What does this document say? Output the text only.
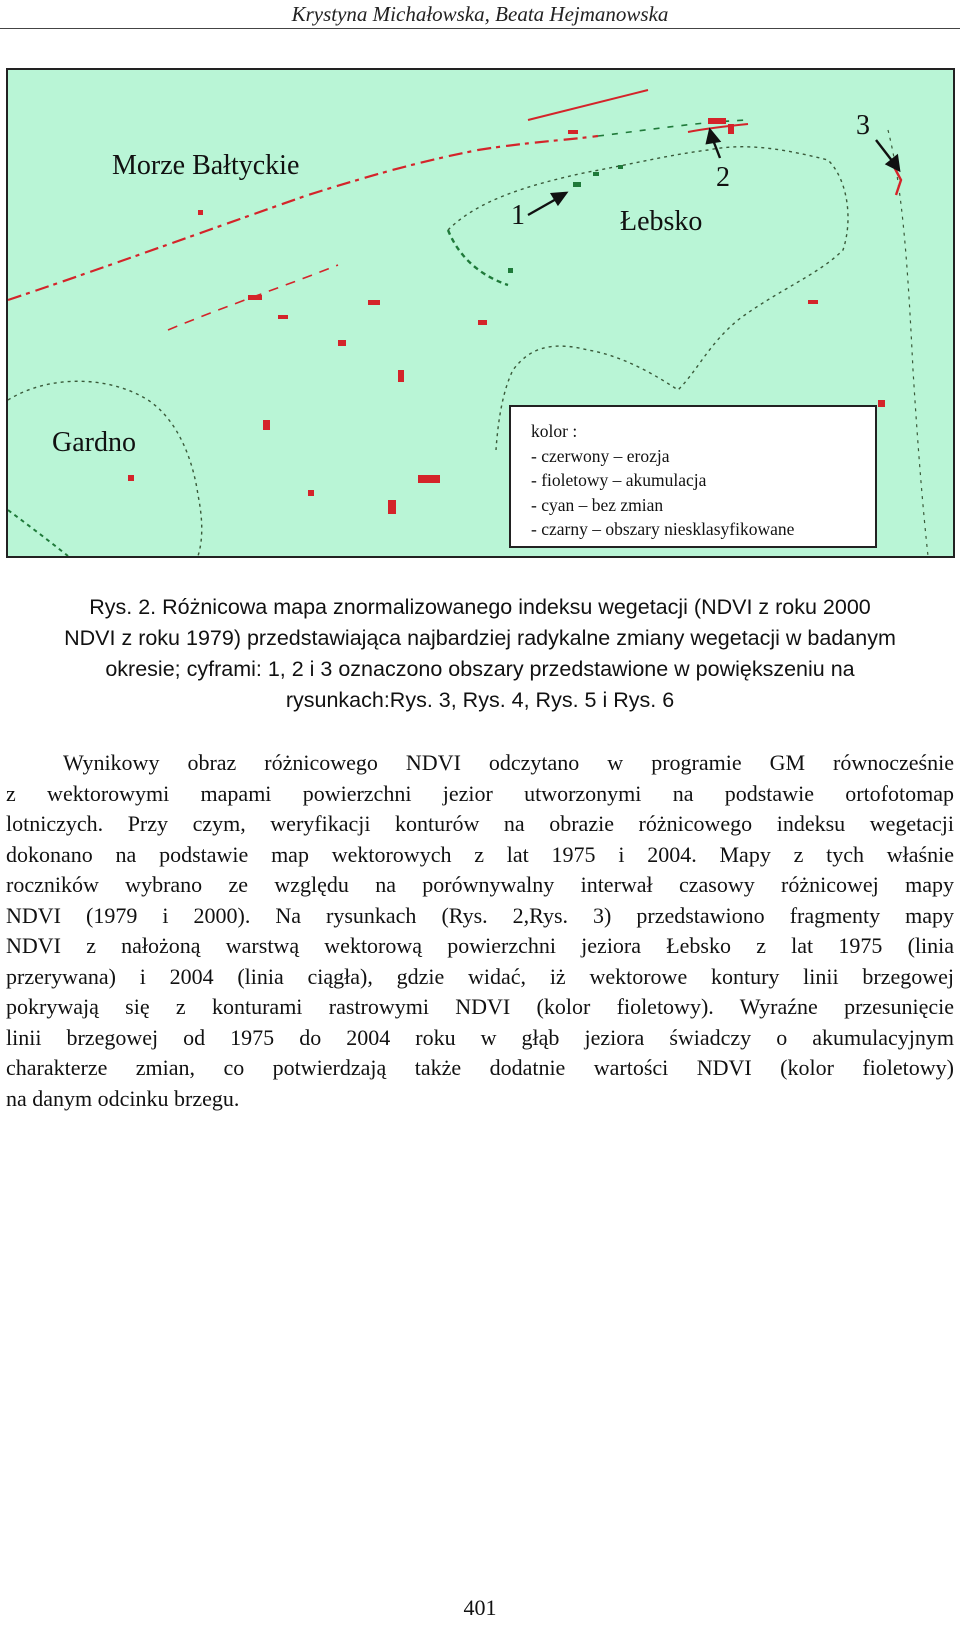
Krystyna Michałowska, Beata Hejmanowska
Morze Bałtyckie
Łebsko
Gardno
1
2
3
kolor :
- czerwony – erozja
- fioletowy – akumulacja
- cyan – bez zmian
- czarny – obszary niesklasyfikowane
Rys. 2. Różnicowa mapa znormalizowanego indeksu wegetacji (NDVI z roku 2000
NDVI z roku 1979) przedstawiająca najbardziej radykalne zmiany wegetacji w badanym
okresie; cyframi: 1, 2 i 3 oznaczono obszary przedstawione w powiększeniu na
rysunkach:Rys. 3, Rys. 4, Rys. 5 i Rys. 6
Wynikowy obraz różnicowego NDVI odczytano w programie GM równocześnie
z wektorowymi mapami powierzchni jezior utworzonymi na podstawie ortofotomap
lotniczych. Przy czym, weryfikacji konturów na obrazie różnicowego indeksu wegetacji
dokonano na podstawie map wektorowych z lat 1975 i 2004. Mapy z tych właśnie
roczników wybrano ze względu na porównywalny interwał czasowy różnicowej mapy
NDVI (1979 i 2000). Na rysunkach (Rys. 2,Rys. 3) przedstawiono fragmenty mapy
NDVI z nałożoną warstwą wektorową powierzchni jeziora Łebsko z lat 1975 (linia
przerywana) i 2004 (linia ciągła), gdzie widać, iż wektorowe kontury linii brzegowej
pokrywają się z konturami rastrowymi NDVI (kolor fioletowy). Wyraźne przesunięcie
linii brzegowej od 1975 do 2004 roku w głąb jeziora świadczy o akumulacyjnym
charakterze zmian, co potwierdzają także dodatnie wartości NDVI (kolor fioletowy)
na danym odcinku brzegu.
401
